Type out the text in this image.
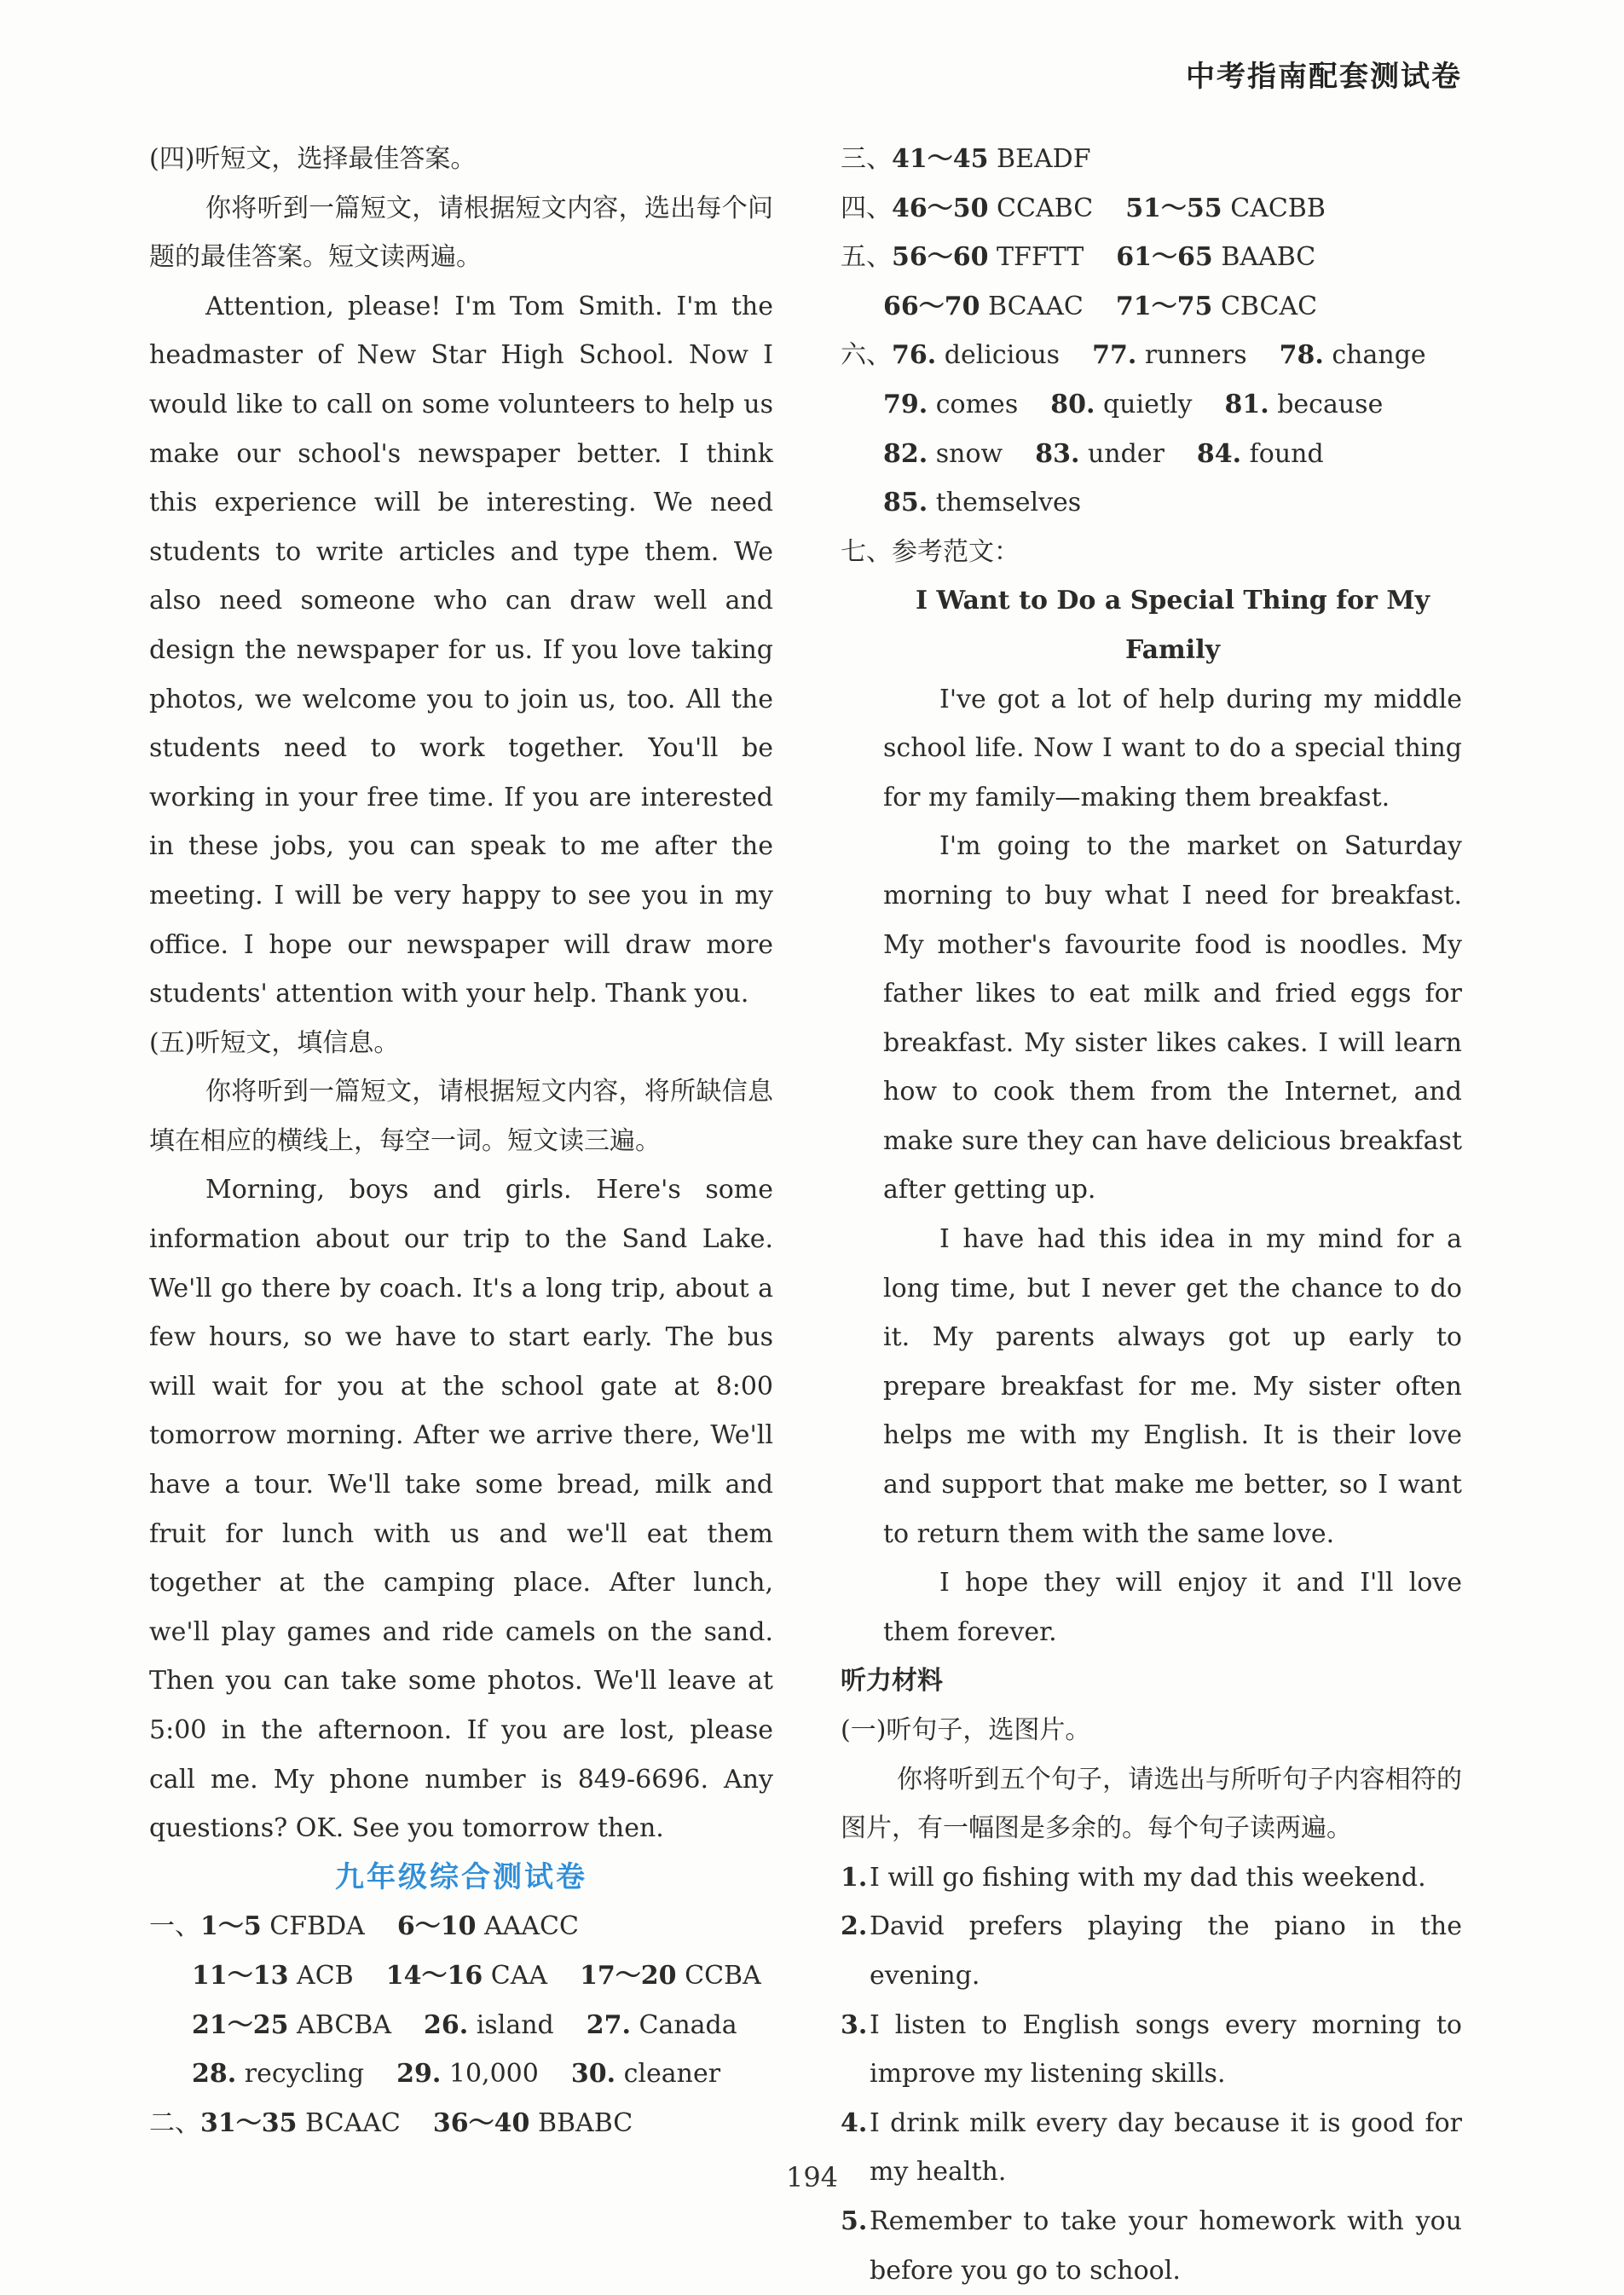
中考指南配套测试卷

(四)听短文，选择最佳答案。

你将听到一篇短文，请根据短文内容，选出每个问题的最佳答案。短文读两遍。

Attention, please! I'm Tom Smith. I'm the headmaster of New Star High School. Now I would like to call on some volunteers to help us make our school's newspaper better. I think this experience will be interesting. We need students to write articles and type them. We also need someone who can draw well and design the newspaper for us. If you love taking photos, we welcome you to join us, too. All the students need to work together. You'll be working in your free time. If you are interested in these jobs, you can speak to me after the meeting. I will be very happy to see you in my office. I hope our newspaper will draw more students' attention with your help. Thank you.

(五)听短文，填信息。

你将听到一篇短文，请根据短文内容，将所缺信息填在相应的横线上，每空一词。短文读三遍。

Morning, boys and girls. Here's some information about our trip to the Sand Lake. We'll go there by coach. It's a long trip, about a few hours, so we have to start early. The bus will wait for you at the school gate at 8:00 tomorrow morning. After we arrive there, We'll have a tour. We'll take some bread, milk and fruit for lunch with us and we'll eat them together at the camping place. After lunch, we'll play games and ride camels on the sand. Then you can take some photos. We'll leave at 5:00 in the afternoon. If you are lost, please call me. My phone number is 849-6696. Any questions? OK. See you tomorrow then.

九年级综合测试卷

一、1～5 CFBDA 6～10 AAACC

11～13 ACB 14～16 CAA 17～20 CCBA

21～25 ABCBA 26. island 27. Canada

28. recycling 29. 10,000 30. cleaner

二、31～35 BCAAC 36～40 BBABC

三、41～45 BEADF

四、46～50 CCABC 51～55 CACBB

五、56～60 TFFTT 61～65 BAABC

66～70 BCAAC 71～75 CBCAC

六、76. delicious 77. runners 78. change

79. comes 80. quietly 81. because

82. snow 83. under 84. found

85. themselves

七、参考范文：

I Want to Do a Special Thing for My Family

I've got a lot of help during my middle school life. Now I want to do a special thing for my family—making them breakfast.

I'm going to the market on Saturday morning to buy what I need for breakfast. My mother's favourite food is noodles. My father likes to eat milk and fried eggs for breakfast. My sister likes cakes. I will learn how to cook them from the Internet, and make sure they can have delicious breakfast after getting up.

I have had this idea in my mind for a long time, but I never get the chance to do it. My parents always got up early to prepare breakfast for me. My sister often helps me with my English. It is their love and support that make me better, so I want to return them with the same love.

I hope they will enjoy it and I'll love them forever.

听力材料

(一)听句子，选图片。

你将听到五个句子，请选出与所听句子内容相符的图片，有一幅图是多余的。每个句子读两遍。

1. I will go fishing with my dad this weekend.
2. David prefers playing the piano in the evening.
3. I listen to English songs every morning to improve my listening skills.
4. I drink milk every day because it is good for my health.
5. Remember to take your homework with you before you go to school.
194
